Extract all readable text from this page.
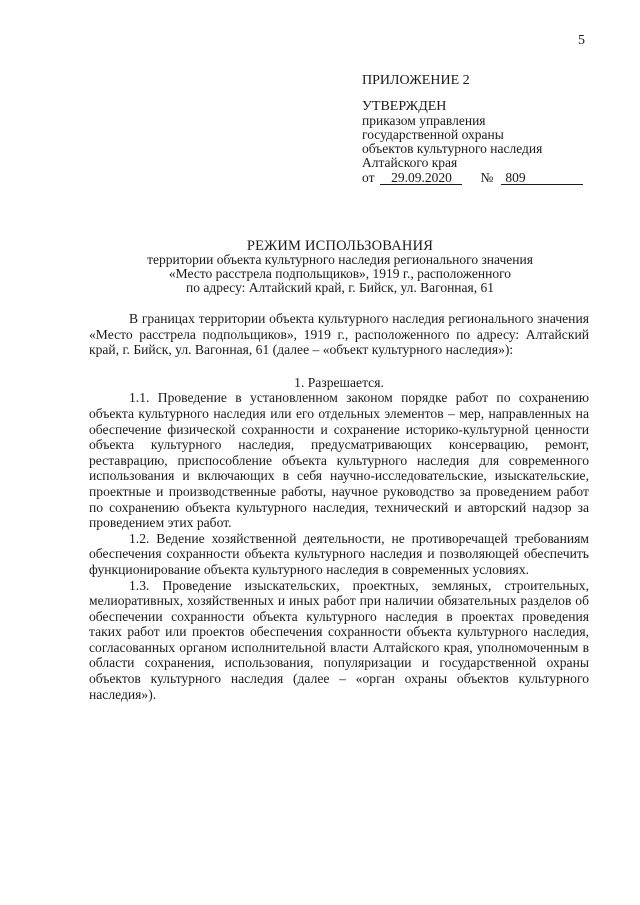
5
ПРИЛОЖЕНИЕ 2
УТВЕРЖДЕН
приказом управления
государственной охраны
объектов культурного наследия
Алтайского края
от	29.09.2020	№ 809
РЕЖИМ ИСПОЛЬЗОВАНИЯ
территории объекта культурного наследия регионального значения
«Место расстрела подпольщиков», 1919 г., расположенного
по адресу: Алтайский край, г. Бийск, ул. Вагонная, 61

В границах территории объекта культурного наследия регионального значения «Место расстрела подпольщиков», 1919 г., расположенного по адресу: Алтайский край, г. Бийск, ул. Вагонная, 61 (далее – «объект культурного наследия»):

1. Разрешается.

1.1. Проведение в установленном законом порядке работ по сохранению объекта культурного наследия или его отдельных элементов – мер, направленных на обеспечение физической сохранности и сохранение историко-культурной ценности объекта культурного наследия, предусматривающих консервацию, ремонт, реставрацию, приспособление объекта культурного наследия для современного использования и включающих в себя научно-исследовательские, изыскательские, проектные и производственные работы, научное руководство за проведением работ по сохранению объекта культурного наследия, технический и авторский надзор за проведением этих работ.

1.2. Ведение хозяйственной деятельности, не противоречащей требованиям обеспечения сохранности объекта культурного наследия и позволяющей обеспечить функционирование объекта культурного наследия в современных условиях.

1.3. Проведение изыскательских, проектных, земляных, строительных, мелиоративных, хозяйственных и иных работ при наличии обязательных разделов об обеспечении сохранности объекта культурного наследия в проектах проведения таких работ или проектов обеспечения сохранности объекта культурного наследия, согласованных органом исполнительной власти Алтайского края, уполномоченным в области сохранения, использования, популяризации и государственной охраны объектов культурного наследия (далее – «орган охраны объектов культурного наследия»).
